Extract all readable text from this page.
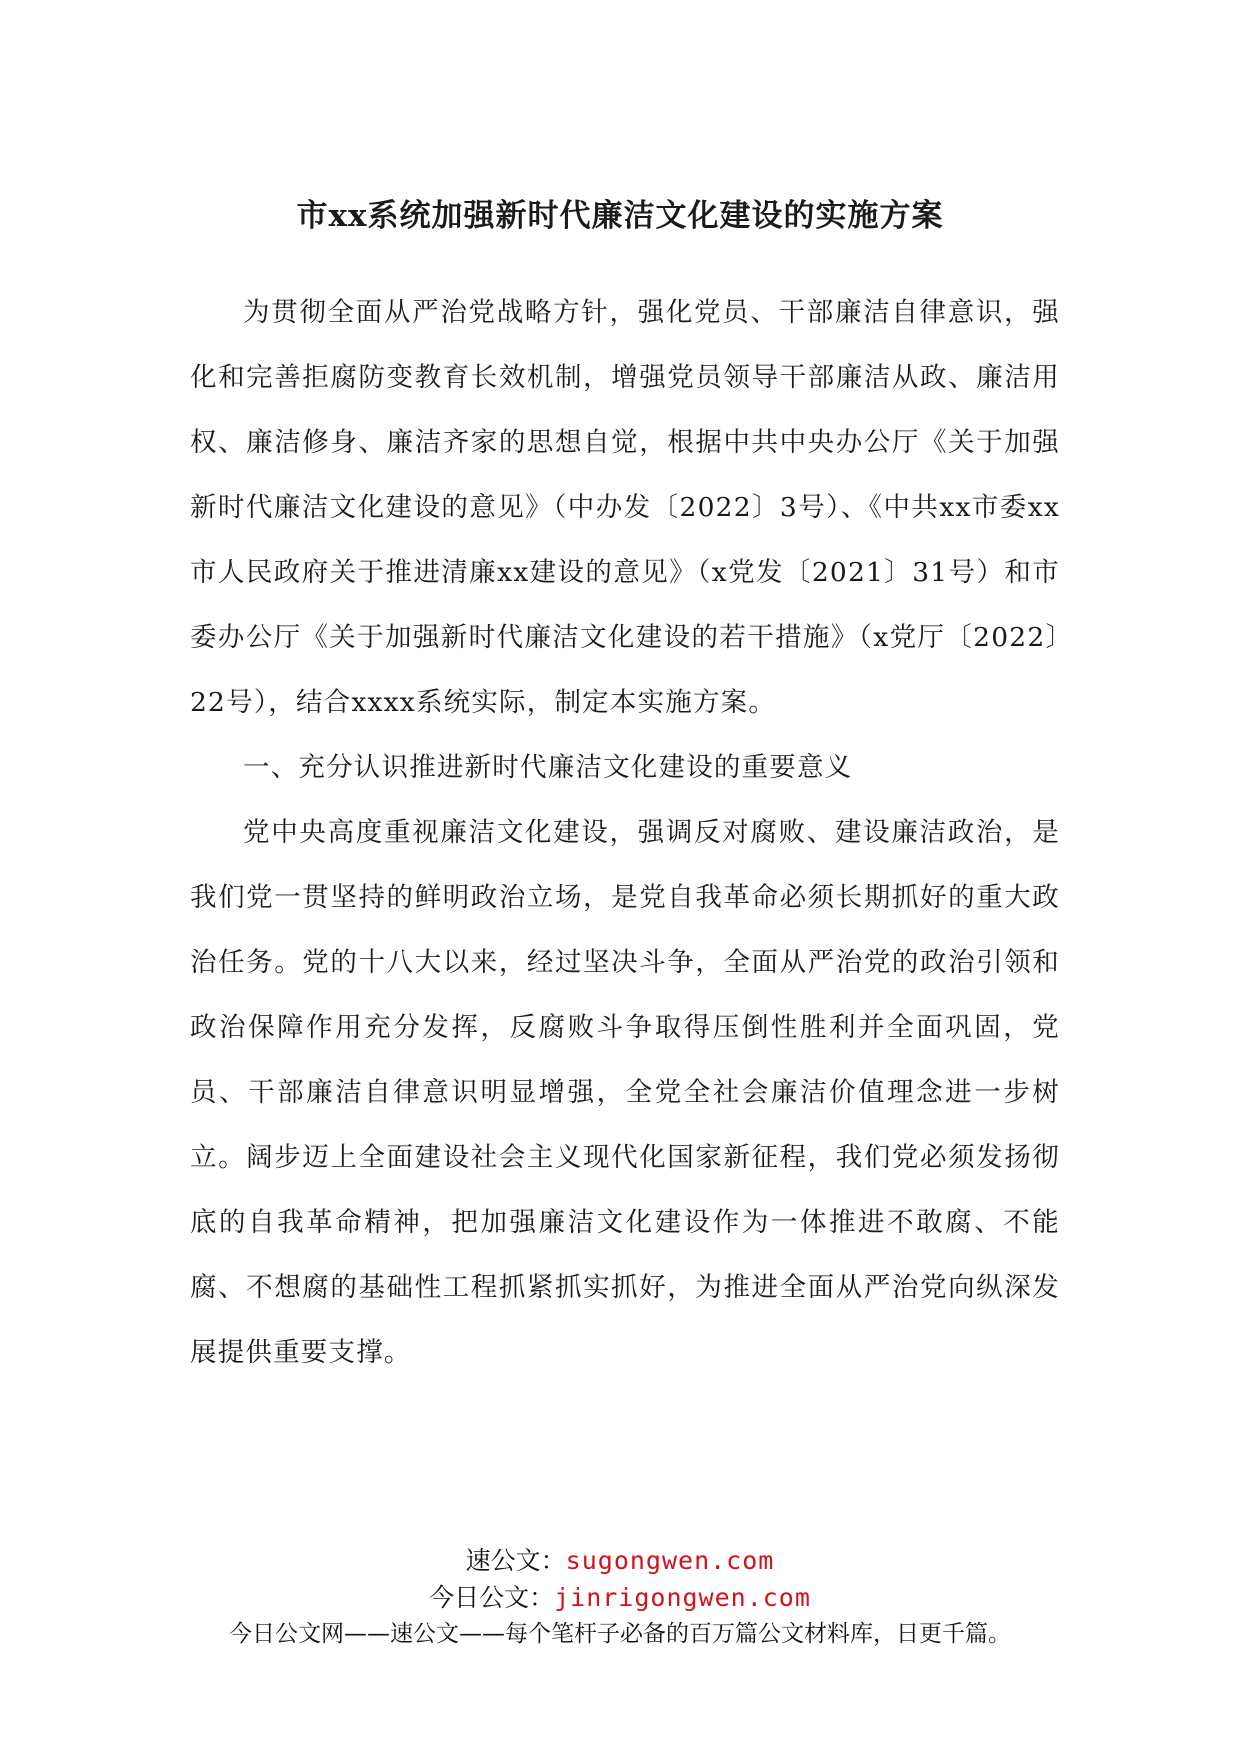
市xx系统加强新时代廉洁文化建设的实施方案

为贯彻全面从严治党战略方针，强化党员、干部廉洁自律意识，强化和完善拒腐防变教育长效机制，增强党员领导干部廉洁从政、廉洁用权、廉洁修身、廉洁齐家的思想自觉，根据中共中央办公厅《关于加强新时代廉洁文化建设的意见》（中办发〔2022〕3号）、《中共xx市委xx市人民政府关于推进清廉xx建设的意见》（x党发〔2021〕31号）和市委办公厅《关于加强新时代廉洁文化建设的若干措施》（x党厅〔2022〕22号），结合xxxx系统实际，制定本实施方案。

一、充分认识推进新时代廉洁文化建设的重要意义

党中央高度重视廉洁文化建设，强调反对腐败、建设廉洁政治，是我们党一贯坚持的鲜明政治立场，是党自我革命必须长期抓好的重大政治任务。党的十八大以来，经过坚决斗争，全面从严治党的政治引领和政治保障作用充分发挥，反腐败斗争取得压倒性胜利并全面巩固，党员、干部廉洁自律意识明显增强，全党全社会廉洁价值理念进一步树立。阔步迈上全面建设社会主义现代化国家新征程，我们党必须发扬彻底的自我革命精神，把加强廉洁文化建设作为一体推进不敢腐、不能腐、不想腐的基础性工程抓紧抓实抓好，为推进全面从严治党向纵深发展提供重要支撑。

速公文：sugongwen.com
今日公文：jinrigongwen.com
今日公文网——速公文——每个笔杆子必备的百万篇公文材料库，日更千篇。
